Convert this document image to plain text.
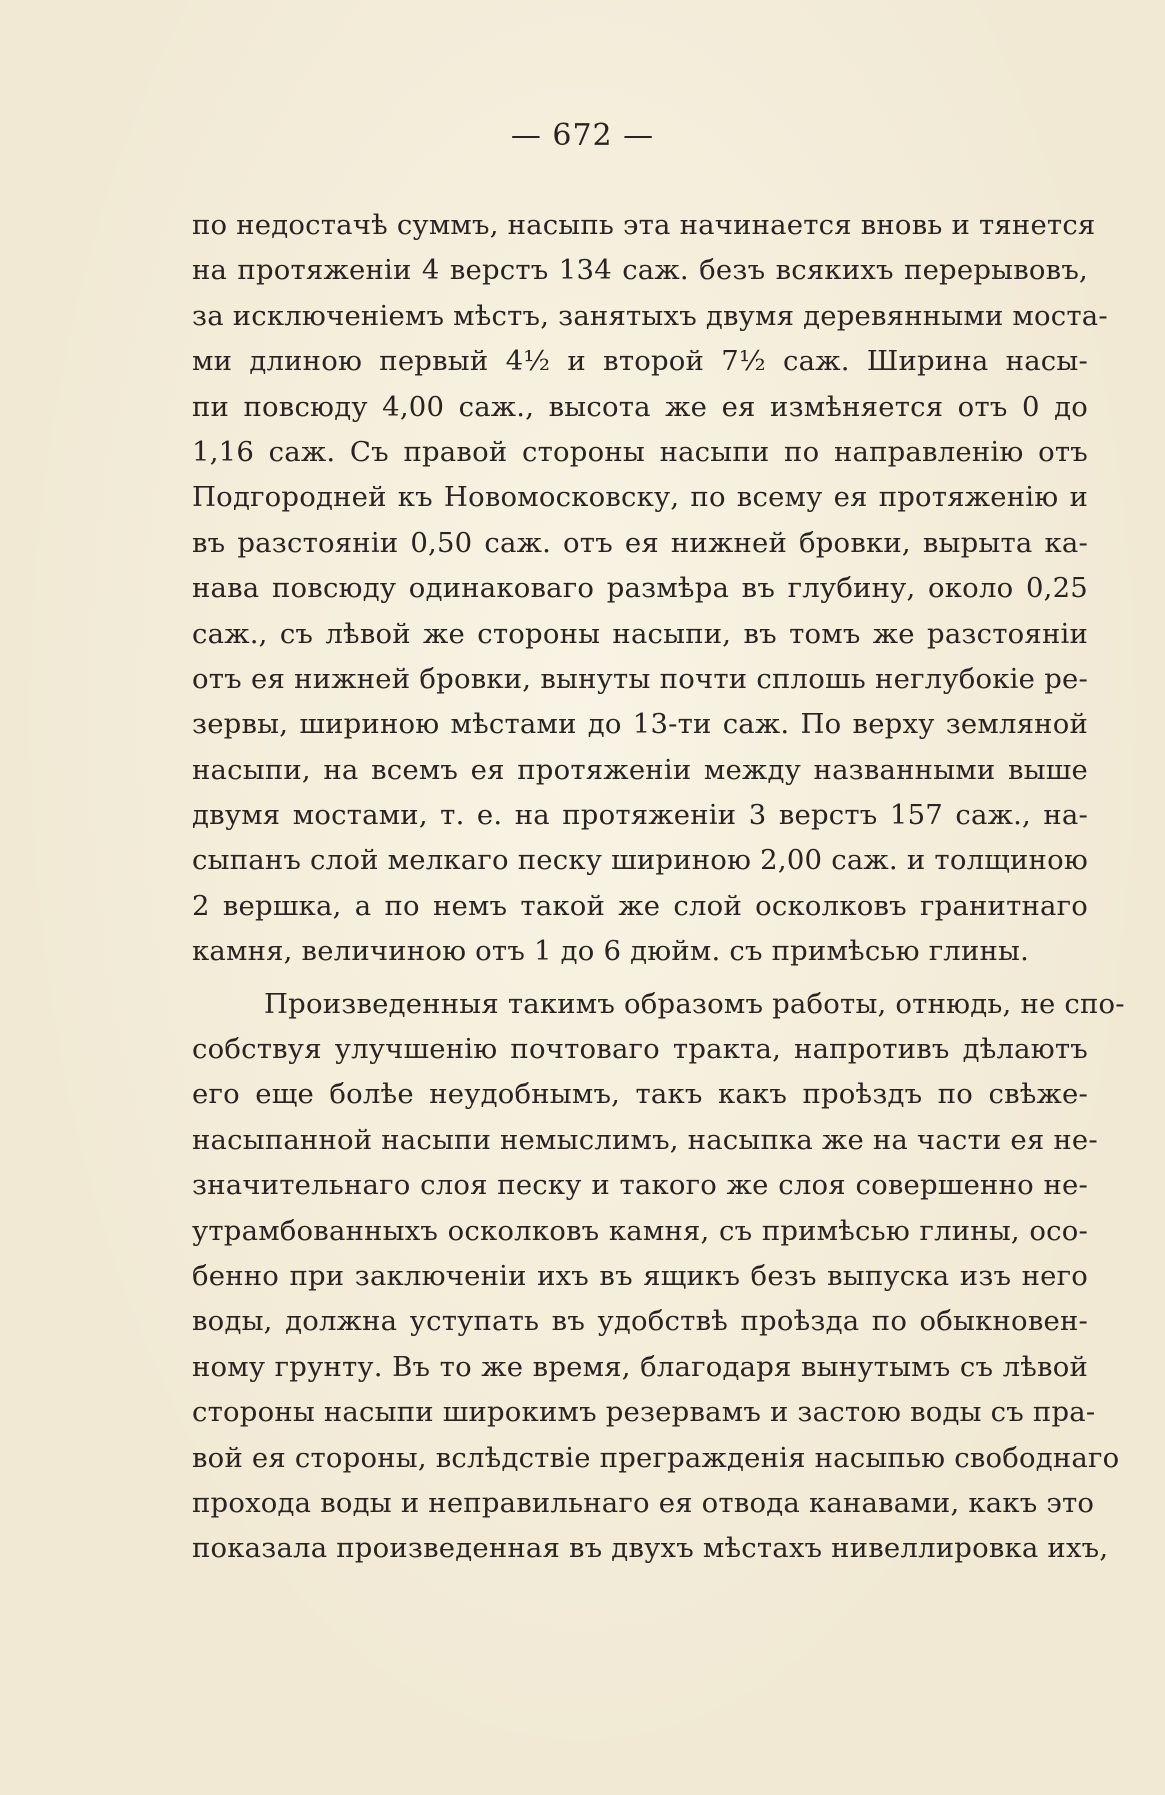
— 672 —
по недостачѣ суммъ, насыпь эта начинается вновь и тянется
на протяженіи 4 верстъ 134 саж. безъ всякихъ перерывовъ,
за исключеніемъ мѣстъ, занятыхъ двумя деревянными моста-
ми длиною первый 4½ и второй 7½ саж. Ширина насы-
пи повсюду 4,00 саж., высота же ея измѣняется отъ 0 до
1,16 саж. Съ правой стороны насыпи по направленію отъ
Подгородней къ Новомосковску, по всему ея протяженію и
въ разстояніи 0,50 саж. отъ ея нижней бровки, вырыта ка-
нава повсюду одинаковаго размѣра въ глубину, около 0,25
саж., съ лѣвой же стороны насыпи, въ томъ же разстояніи
отъ ея нижней бровки, вынуты почти сплошь неглубокіе ре-
зервы, шириною мѣстами до 13-ти саж. По верху земляной
насыпи, на всемъ ея протяженіи между названными выше
двумя мостами, т. е. на протяженіи 3 верстъ 157 саж., на-
сыпанъ слой мелкаго песку шириною 2,00 саж. и толщиною
2 вершка, а по немъ такой же слой осколковъ гранитнаго
камня, величиною отъ 1 до 6 дюйм. съ примѣсью глины.
Произведенныя такимъ образомъ работы, отнюдь, не спо-
собствуя улучшенію почтоваго тракта, напротивъ дѣлаютъ
его еще болѣе неудобнымъ, такъ какъ проѣздъ по свѣже-
насыпанной насыпи немыслимъ, насыпка же на части ея не-
значительнаго слоя песку и такого же слоя совершенно не-
утрамбованныхъ осколковъ камня, съ примѣсью глины, осо-
бенно при заключеніи ихъ въ ящикъ безъ выпуска изъ него
воды, должна уступать въ удобствѣ проѣзда по обыкновен-
ному грунту. Въ то же время, благодаря вынутымъ съ лѣвой
стороны насыпи широкимъ резервамъ и застою воды съ пра-
вой ея стороны, вслѣдствіе прегражденія насыпью свободнаго
прохода воды и неправильнаго ея отвода канавами, какъ это
показала произведенная въ двухъ мѣстахъ нивеллировка ихъ,
